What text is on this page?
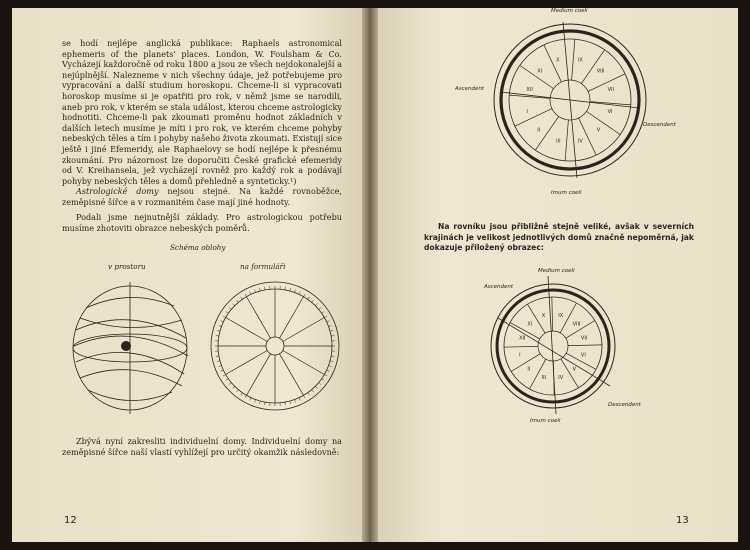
se hodí nejlépe anglická publikace: Raphaels astronomical ephemeris of the planets' places. London, W. Foulsham & Co. Vycházejí každoročně od roku 1800 a jsou ze všech nejdokonalejší a nejúplnější. Nalezneme v nich všechny údaje, jež potřebujeme pro vypracování a další studium horoskopu. Chceme-li si vypracovati horoskop musíme si je opatřiti pro rok, v němž jsme se narodili, aneb pro rok, v kterém se stala událost, kterou chceme astrologicky hodnotiti. Chceme-li pak zkoumati proměnu hodnot základních v dalších letech musíme je míti i pro rok, ve kterém chceme pohyby nebeských těles a tím i pohyby našeho života zkoumati. Existují sice ještě i jiné Efemeridy, ale Raphaelovy se hodí nejlépe k přesnému zkoumání. Pro názornost lze doporučiti České grafické efemeridy od V. Kreihansela, jež vycházejí rovněž pro každý rok a podávají pohyby nebeských těles a domů přehledně a synteticky.¹)

Astrologické domy nejsou stejné. Na každé rovnoběžce, zeměpisné šířce a v rozmanitém čase mají jiné hodnoty.

Podali jsme nejnutnější základy. Pro astrologickou potřebu musíme zhotoviti obrazce nebeských poměrů.

Schéma oblohy
v prostoru	na formuláři

Zbývá nyní zakresliti individuelní domy. Individuelní domy na zeměpisné šířce naší vlastí vyhlížejí pro určitý okamžik následovně:

12
Medium coeli
Ascendent
Descendent
Imum coeli
I
II
III	IV
V
VI
VII
VIII
IX
X
XI
XII

Na rovníku jsou přibližně stejně veliké, avšak v severních krajinách je velikost jednotlivých domů značně nepoměrná, jak dokazuje přiložený obrazec:

Medium coeli
Ascendent
Descendent
Imum coeli
I
II
III IV
V
VI
VII
VIII
IX
X
XI
XII
13
